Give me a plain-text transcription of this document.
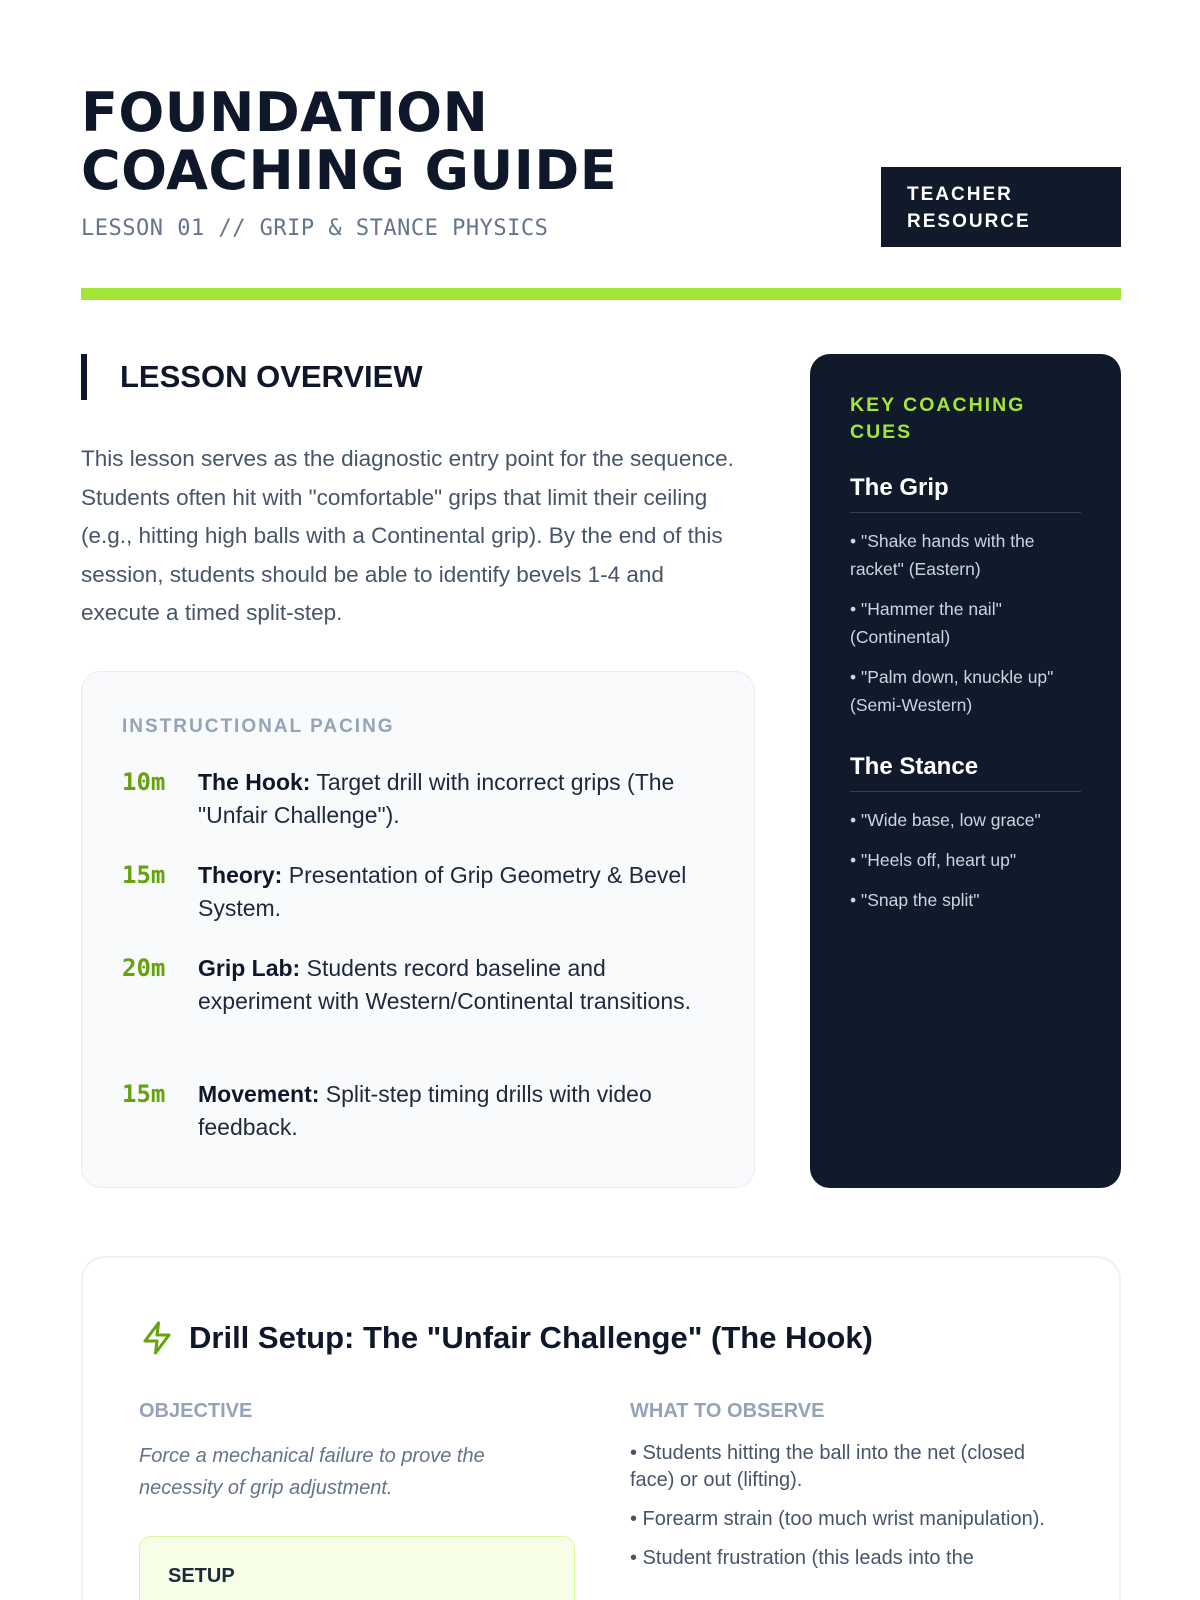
FOUNDATION
COACHING GUIDE
LESSON 01 // GRIP & STANCE PHYSICS
TEACHER
RESOURCE
LESSON OVERVIEW

This lesson serves as the diagnostic entry point for the sequence. Students often hit with "comfortable" grips that limit their ceiling (e.g., hitting high balls with a Continental grip). By the end of this session, students should be able to identify bevels 1-4 and execute a timed split-step.

INSTRUCTIONAL PACING
10m The Hook: Target drill with incorrect grips (The "Unfair Challenge").
15m Theory: Presentation of Grip Geometry & Bevel System.
20m Grip Lab: Students record baseline and experiment with Western/Continental transitions.
15m Movement: Split-step timing drills with video feedback.
KEY COACHING CUES
The Grip
• "Shake hands with the racket" (Eastern)
• "Hammer the nail" (Continental)
• "Palm down, knuckle up" (Semi-Western)
The Stance
• "Wide base, low grace"
• "Heels off, heart up"
• "Snap the split"
Drill Setup: The "Unfair Challenge" (The Hook)
OBJECTIVE

Force a mechanical failure to prove the necessity of grip adjustment.

SETUP
WHAT TO OBSERVE
• Students hitting the ball into the net (closed face) or out (lifting).
• Forearm strain (too much wrist manipulation).
• Student frustration (this leads into the
